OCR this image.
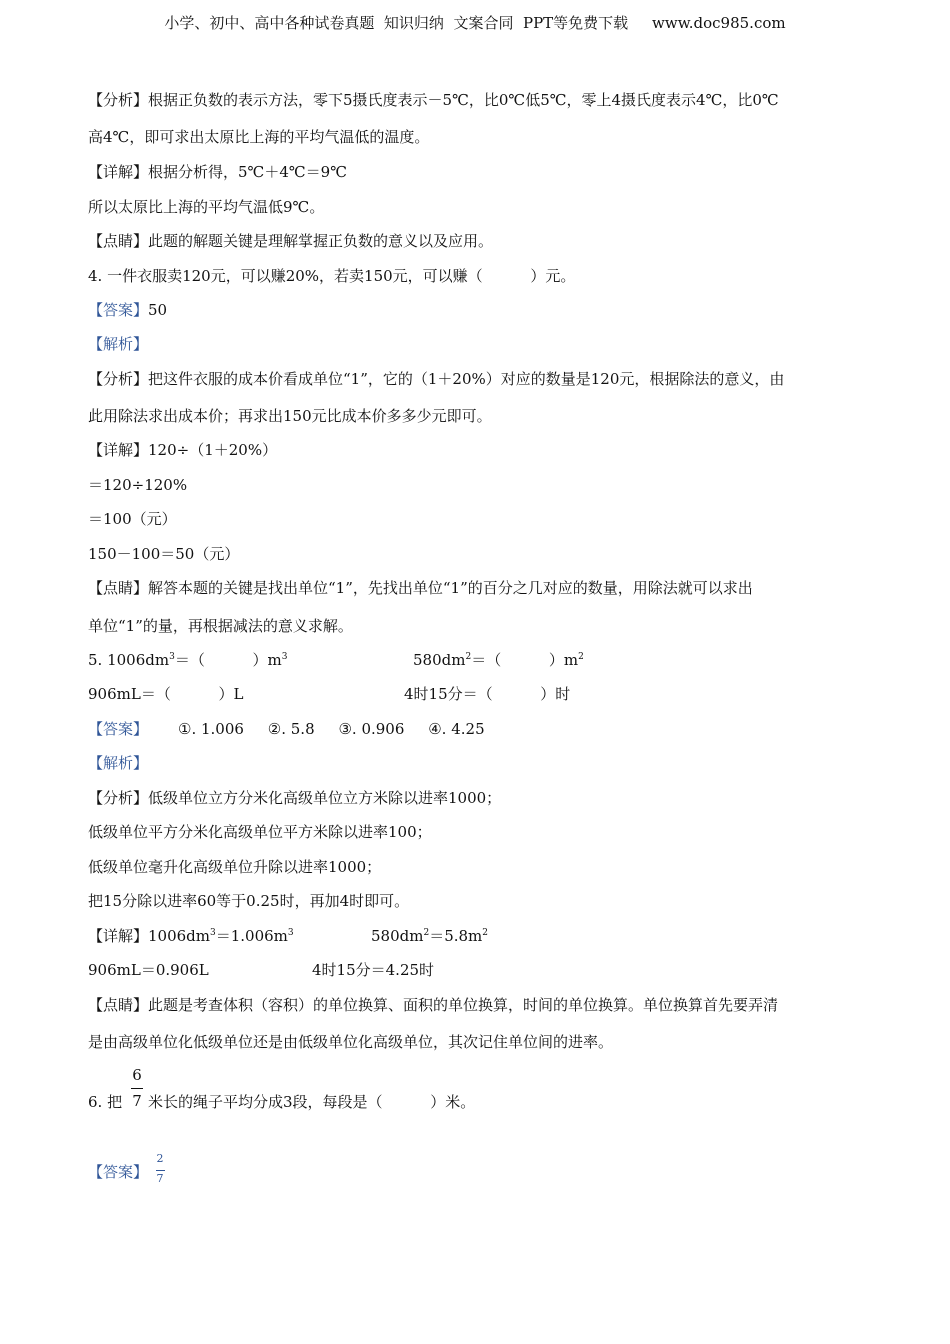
小学、初中、高中各种试卷真题  知识归纳  文案合同  PPT等免费下载     www.doc985.com
【分析】根据正负数的表示方法，零下5摄氏度表示－5℃，比0℃低5℃，零上4摄氏度表示4℃，比0℃
高4℃，即可求出太原比上海的平均气温低的温度。
【详解】根据分析得，5℃＋4℃＝9℃
所以太原比上海的平均气温低9℃。
【点睛】此题的解题关键是理解掌握正负数的意义以及应用。
4. 一件衣服卖120元，可以赚20%，若卖150元，可以赚（          ）元。
【答案】50
【解析】
【分析】把这件衣服的成本价看成单位“1”，它的（1＋20%）对应的数量是120元，根据除法的意义，由
此用除法求出成本价；再求出150元比成本价多多少元即可。
【详解】120÷（1＋20%）
＝120÷120%
＝100（元）
150－100＝50（元）
【点睛】解答本题的关键是找出单位“1”，先找出单位“1”的百分之几对应的数量，用除法就可以求出
单位“1”的量，再根据减法的意义求解。
5. $1006dm^3=$（          ）$m^3$	$580dm^2=$（          ）$m^2$
906mL＝（          ）L	4时15分＝（          ）时
【答案】 ①. 1.006     ②. 5.8     ③. 0.906     ④. 4.25
【解析】
【分析】低级单位立方分米化高级单位立方米除以进率1000；
低级单位平方分米化高级单位平方米除以进率100；
低级单位毫升化高级单位升除以进率1000；
把15分除以进率60等于0.25时，再加4时即可。
【详解】$1006dm^3=1.006m^3$	$580dm^2=5.8m^2$
906mL＝0.906L	4时15分＝4.25时
【点睛】此题是考查体积（容积）的单位换算、面积的单位换算，时间的单位换算。单位换算首先要弄清
是由高级单位化低级单位还是由低级单位化高级单位，其次记住单位间的进率。
6. 把
6
7 米长的绳子平均分成3段，每段是（          ）米。
【答案】
2
7
